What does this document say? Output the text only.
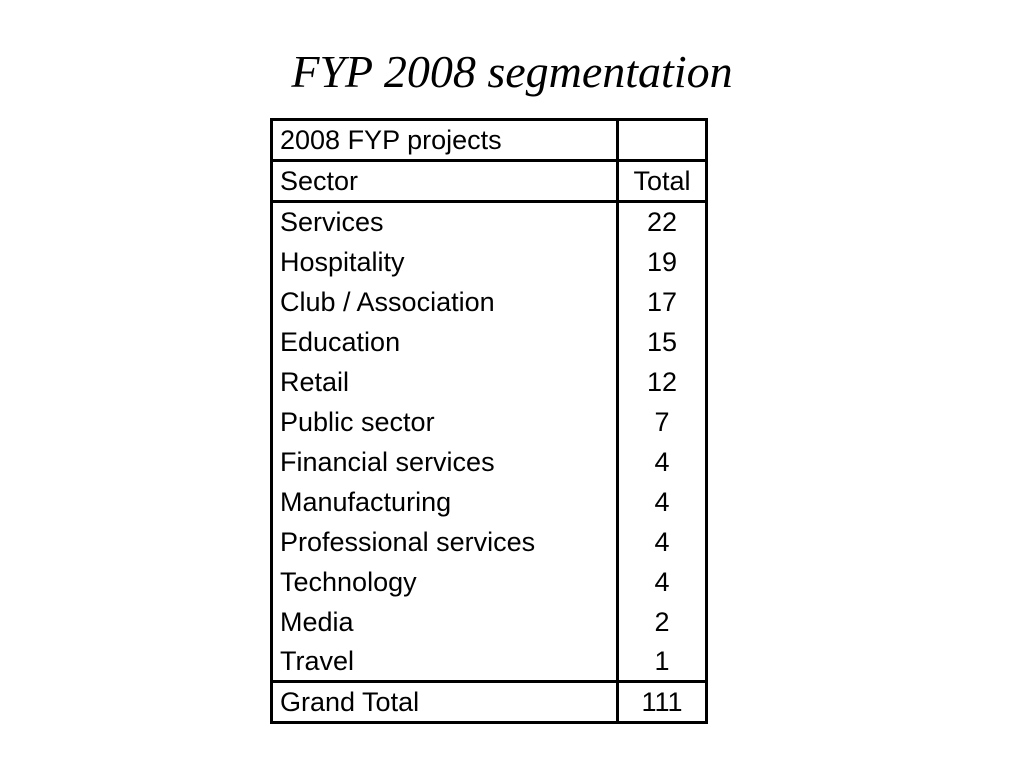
FYP 2008 segmentation
2008 FYP projects	
Sector	Total
Services	22
Hospitality	19
Club / Association	17
Education	15
Retail	12
Public sector	7
Financial services	4
Manufacturing	4
Professional services	4
Technology	4
Media	2
Travel	1
Grand Total	111
